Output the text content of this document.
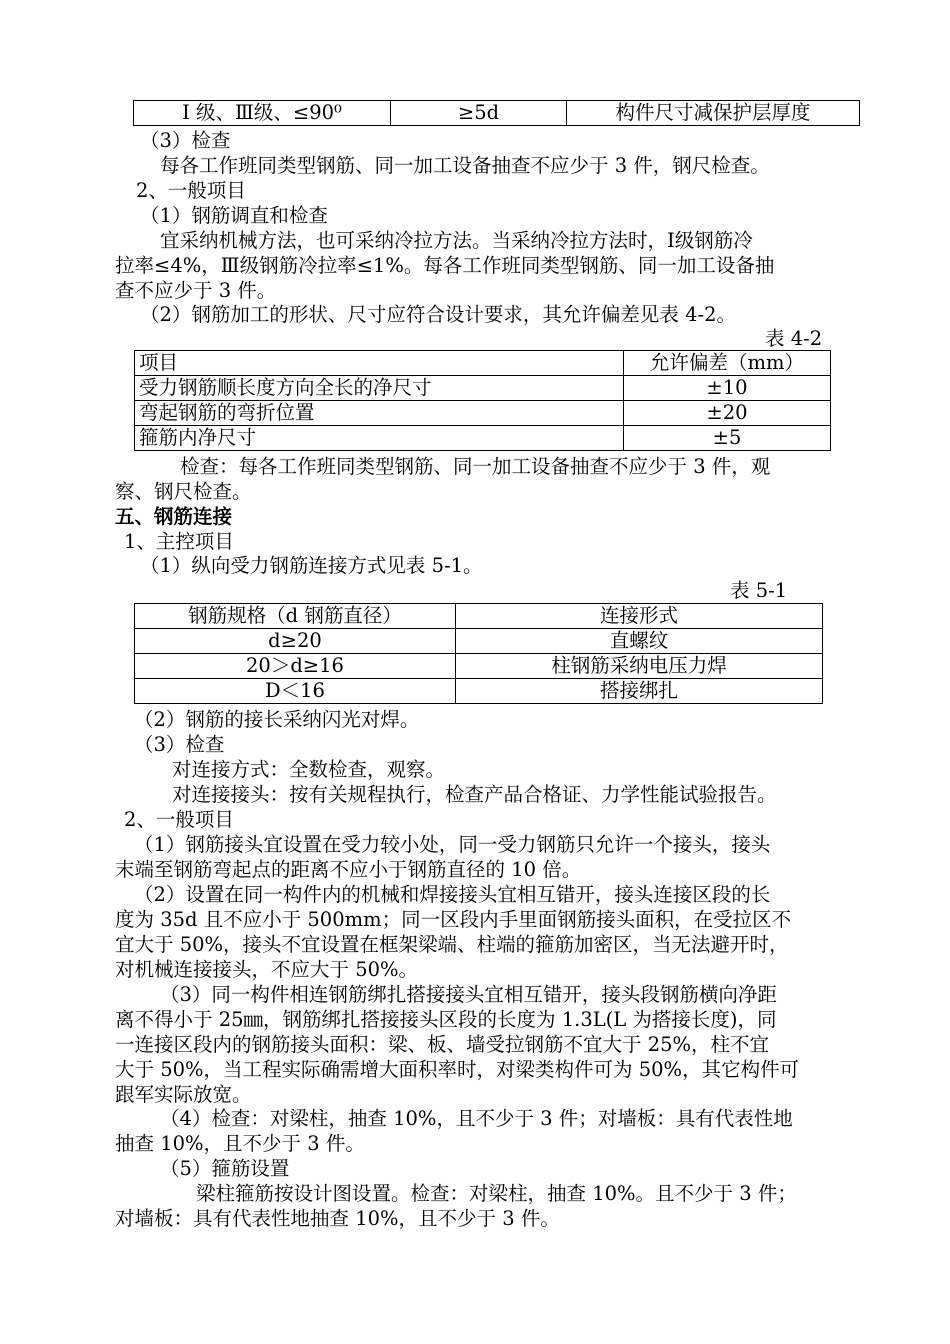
Ⅰ 级、Ⅲ级、≤90⁰	≥5d	构件尺寸减保护层厚度
（3）检查
每各工作班同类型钢筋、同一加工设备抽查不应少于 3 件，钢尺检查。
2、一般项目
（1）钢筋调直和检查
宜采纳机械方法，也可采纳冷拉方法。当采纳冷拉方法时，Ⅰ级钢筋冷
拉率≤4%，Ⅲ级钢筋冷拉率≤1%。每各工作班同类型钢筋、同一加工设备抽
查不应少于 3 件。
（2）钢筋加工的形状、尺寸应符合设计要求，其允许偏差见表 4-2。
表 4-2
项目	允许偏差（mm）
受力钢筋顺长度方向全长的净尺寸	±10
弯起钢筋的弯折位置	±20
箍筋内净尺寸	±5
检查：每各工作班同类型钢筋、同一加工设备抽查不应少于 3 件，观
察、钢尺检查。
五、钢筋连接
1、主控项目
（1）纵向受力钢筋连接方式见表 5-1。
表 5-1
钢筋规格（d 钢筋直径）	连接形式
d≥20	直螺纹
20＞d≥16	柱钢筋采纳电压力焊
D＜16	搭接绑扎
（2）钢筋的接长采纳闪光对焊。
（3）检查
对连接方式：全数检查，观察。
对连接接头：按有关规程执行，检查产品合格证、力学性能试验报告。
2、一般项目
（1）钢筋接头宜设置在受力较小处，同一受力钢筋只允许一个接头，接头
末端至钢筋弯起点的距离不应小于钢筋直径的 10 倍。
（2）设置在同一构件内的机械和焊接接头宜相互错开，接头连接区段的长
度为 35d 且不应小于 500mm；同一区段内手里面钢筋接头面积，在受拉区不
宜大于 50%，接头不宜设置在框架梁端、柱端的箍筋加密区，当无法避开时，
对机械连接接头，不应大于 50%。
（3）同一构件相连钢筋绑扎搭接接头宜相互错开，接头段钢筋横向净距
离不得小于 25㎜，钢筋绑扎搭接接头区段的长度为 1.3L(L 为搭接长度)，同
一连接区段内的钢筋接头面积：梁、板、墙受拉钢筋不宜大于 25%，柱不宜
大于 50%，当工程实际确需增大面积率时，对梁类构件可为 50%，其它构件可
跟军实际放宽。
（4）检查：对梁柱，抽查 10%，且不少于 3 件；对墙板：具有代表性地
抽查 10%，且不少于 3 件。
（5）箍筋设置
梁柱箍筋按设计图设置。检查：对梁柱，抽查 10%。且不少于 3 件；
对墙板：具有代表性地抽查 10%，且不少于 3 件。
